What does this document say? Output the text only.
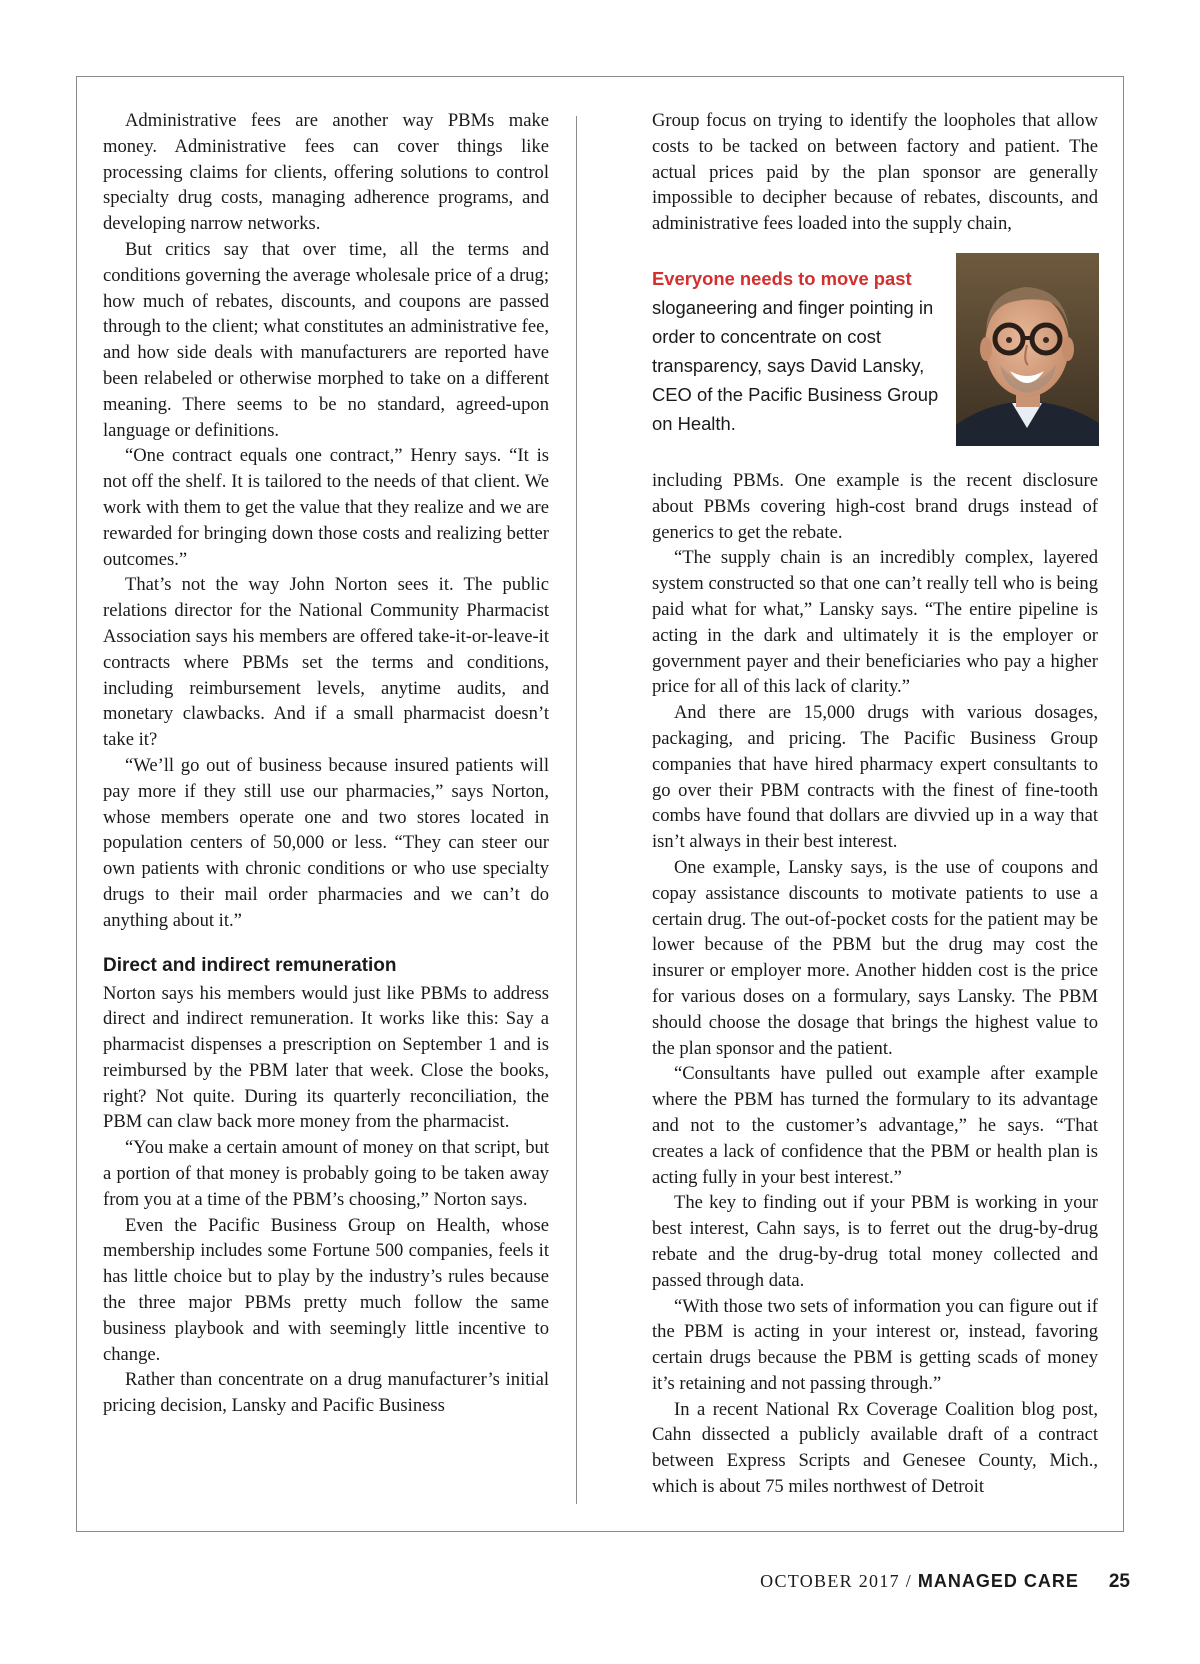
Administrative fees are another way PBMs make money. Administrative fees can cover things like processing claims for clients, offering solutions to control specialty drug costs, managing adherence programs, and developing narrow networks.

But critics say that over time, all the terms and conditions governing the average wholesale price of a drug; how much of rebates, discounts, and coupons are passed through to the client; what constitutes an administrative fee, and how side deals with manufacturers are reported have been relabeled or otherwise morphed to take on a different meaning. There seems to be no standard, agreed-upon language or definitions.

“One contract equals one contract,” Henry says. “It is not off the shelf. It is tailored to the needs of that client. We work with them to get the value that they realize and we are rewarded for bringing down those costs and realizing better outcomes.”

That’s not the way John Norton sees it. The public relations director for the National Community Pharmacist Association says his members are offered take-it-or-leave-it contracts where PBMs set the terms and conditions, including reimbursement levels, anytime audits, and monetary clawbacks. And if a small pharmacist doesn’t take it?

“We’ll go out of business because insured patients will pay more if they still use our pharmacies,” says Norton, whose members operate one and two stores located in population centers of 50,000 or less. “They can steer our own patients with chronic conditions or who use specialty drugs to their mail order pharmacies and we can’t do anything about it.”

Direct and indirect remuneration

Norton says his members would just like PBMs to address direct and indirect remuneration. It works like this: Say a pharmacist dispenses a prescription on September 1 and is reimbursed by the PBM later that week. Close the books, right? Not quite. During its quarterly reconciliation, the PBM can claw back more money from the pharmacist.

“You make a certain amount of money on that script, but a portion of that money is probably going to be taken away from you at a time of the PBM’s choosing,” Norton says.

Even the Pacific Business Group on Health, whose membership includes some Fortune 500 companies, feels it has little choice but to play by the industry’s rules because the three major PBMs pretty much follow the same business playbook and with seemingly little incentive to change.

Rather than concentrate on a drug manufacturer’s initial pricing decision, Lansky and Pacific Business

Group focus on trying to identify the loopholes that allow costs to be tacked on between factory and patient. The actual prices paid by the plan sponsor are generally impossible to decipher because of rebates, discounts, and administrative fees loaded into the supply chain,

Everyone needs to move past sloganeering and finger pointing in order to concentrate on cost transparency, says David Lansky, CEO of the Pacific Business Group on Health.

including PBMs. One example is the recent disclosure about PBMs covering high-cost brand drugs instead of generics to get the rebate.

“The supply chain is an incredibly complex, layered system constructed so that one can’t really tell who is being paid what for what,” Lansky says. “The entire pipeline is acting in the dark and ultimately it is the employer or government payer and their beneficiaries who pay a higher price for all of this lack of clarity.”

And there are 15,000 drugs with various dosages, packaging, and pricing. The Pacific Business Group companies that have hired pharmacy expert consultants to go over their PBM contracts with the finest of fine-tooth combs have found that dollars are divvied up in a way that isn’t always in their best interest.

One example, Lansky says, is the use of coupons and copay assistance discounts to motivate patients to use a certain drug. The out-of-pocket costs for the patient may be lower because of the PBM but the drug may cost the insurer or employer more. Another hidden cost is the price for various doses on a formulary, says Lansky. The PBM should choose the dosage that brings the highest value to the plan sponsor and the patient.

“Consultants have pulled out example after example where the PBM has turned the formulary to its advantage and not to the customer’s advantage,” he says. “That creates a lack of confidence that the PBM or health plan is acting fully in your best interest.”

The key to finding out if your PBM is working in your best interest, Cahn says, is to ferret out the drug-by-drug rebate and the drug-by-drug total money collected and passed through data.

“With those two sets of information you can figure out if the PBM is acting in your interest or, instead, favoring certain drugs because the PBM is getting scads of money it’s retaining and not passing through.”

In a recent National Rx Coverage Coalition blog post, Cahn dissected a publicly available draft of a contract between Express Scripts and Genesee County, Mich., which is about 75 miles northwest of Detroit

OCTOBER 2017 / MANAGED CARE 25
